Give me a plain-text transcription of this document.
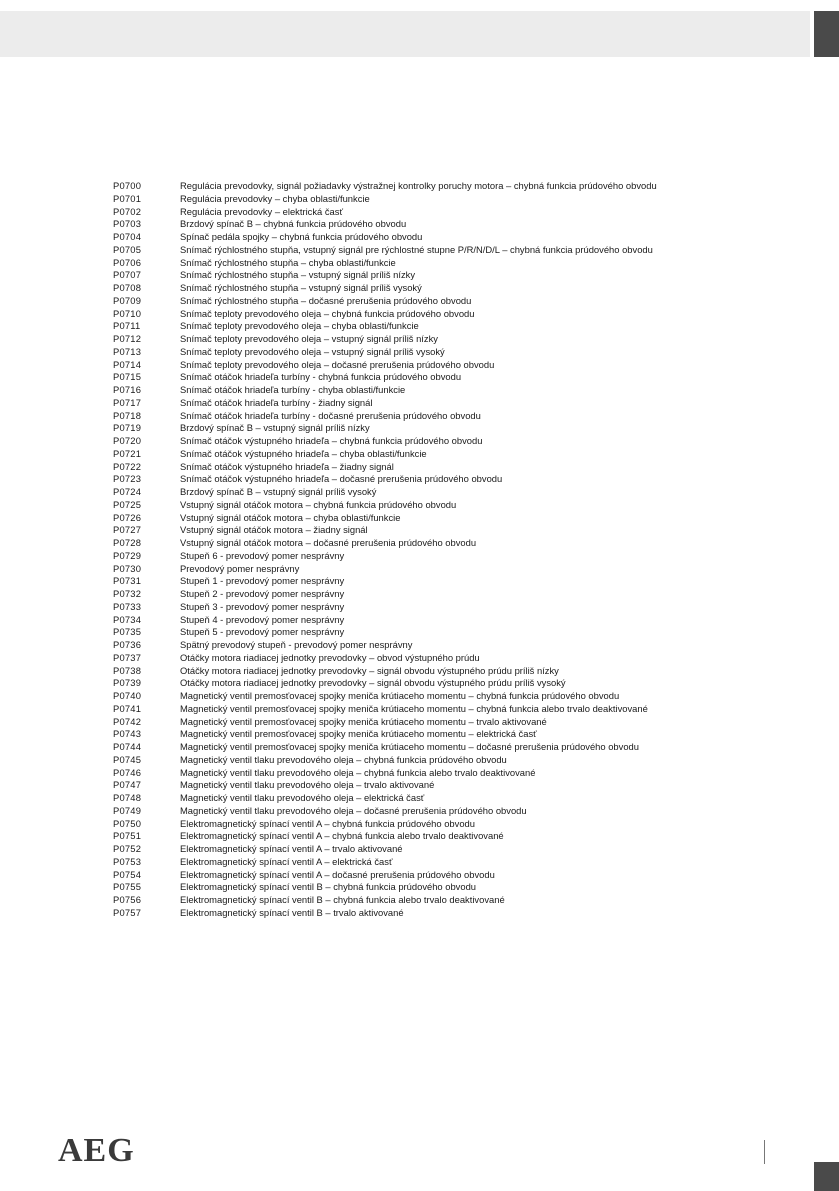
P0700	Regulácia prevodovky, signál požiadavky výstražnej kontrolky poruchy motora – chybná funkcia prúdového obvodu
P0701	Regulácia prevodovky – chyba oblasti/funkcie
P0702	Regulácia prevodovky – elektrická časť
P0703	Brzdový spínač B – chybná funkcia prúdového obvodu
P0704	Spínač pedála spojky – chybná funkcia prúdového obvodu
P0705	Snímač rýchlostného stupňa, vstupný signál pre rýchlostné stupne P/R/N/D/L – chybná funkcia prúdového obvodu
P0706	Snímač rýchlostného stupňa – chyba oblasti/funkcie
P0707	Snímač rýchlostného stupňa – vstupný signál príliš nízky
P0708	Snímač rýchlostného stupňa – vstupný signál príliš vysoký
P0709	Snímač rýchlostného stupňa – dočasné prerušenia prúdového obvodu
P0710	Snímač teploty prevodového oleja – chybná funkcia prúdového obvodu
P0711	Snímač teploty prevodového oleja – chyba oblasti/funkcie
P0712	Snímač teploty prevodového oleja – vstupný signál príliš nízky
P0713	Snímač teploty prevodového oleja – vstupný signál príliš vysoký
P0714	Snímač teploty prevodového oleja – dočasné prerušenia prúdového obvodu
P0715	Snímač otáčok hriadeľa turbíny - chybná funkcia prúdového obvodu
P0716	Snímač otáčok hriadeľa turbíny - chyba oblasti/funkcie
P0717	Snímač otáčok hriadeľa turbíny - žiadny signál
P0718	Snímač otáčok hriadeľa turbíny - dočasné prerušenia prúdového obvodu
P0719	Brzdový spínač B – vstupný signál príliš nízky
P0720	Snímač otáčok výstupného hriadeľa – chybná funkcia prúdového obvodu
P0721	Snímač otáčok výstupného hriadeľa – chyba oblasti/funkcie
P0722	Snímač otáčok výstupného hriadeľa – žiadny signál
P0723	Snímač otáčok výstupného hriadeľa – dočasné prerušenia prúdového obvodu
P0724	Brzdový spínač B – vstupný signál príliš vysoký
P0725	Vstupný signál otáčok motora – chybná funkcia prúdového obvodu
P0726	Vstupný signál otáčok motora – chyba oblasti/funkcie
P0727	Vstupný signál otáčok motora – žiadny signál
P0728	Vstupný signál otáčok motora – dočasné prerušenia prúdového obvodu
P0729	Stupeň 6 - prevodový pomer nesprávny
P0730	Prevodový pomer nesprávny
P0731	Stupeň 1 - prevodový pomer nesprávny
P0732	Stupeň 2 - prevodový pomer nesprávny
P0733	Stupeň 3 - prevodový pomer nesprávny
P0734	Stupeň 4 - prevodový pomer nesprávny
P0735	Stupeň 5 - prevodový pomer nesprávny
P0736	Spätný prevodový stupeň - prevodový pomer nesprávny
P0737	Otáčky motora riadiacej jednotky prevodovky – obvod výstupného prúdu
P0738	Otáčky motora riadiacej jednotky prevodovky – signál obvodu výstupného prúdu príliš nízky
P0739	Otáčky motora riadiacej jednotky prevodovky – signál obvodu výstupného prúdu príliš vysoký
P0740	Magnetický ventil premosťovacej spojky meniča krútiaceho momentu – chybná funkcia prúdového obvodu
P0741	Magnetický ventil premosťovacej spojky meniča krútiaceho momentu – chybná funkcia alebo trvalo deaktivované
P0742	Magnetický ventil premosťovacej spojky meniča krútiaceho momentu – trvalo aktivované
P0743	Magnetický ventil premosťovacej spojky meniča krútiaceho momentu – elektrická časť
P0744	Magnetický ventil premosťovacej spojky meniča krútiaceho momentu – dočasné prerušenia prúdového obvodu
P0745	Magnetický ventil tlaku prevodového oleja – chybná funkcia prúdového obvodu
P0746	Magnetický ventil tlaku prevodového oleja – chybná funkcia alebo trvalo deaktivované
P0747	Magnetický ventil tlaku prevodového oleja – trvalo aktivované
P0748	Magnetický ventil tlaku prevodového oleja – elektrická časť
P0749	Magnetický ventil tlaku prevodového oleja – dočasné prerušenia prúdového obvodu
P0750	Elektromagnetický spínací ventil A – chybná funkcia prúdového obvodu
P0751	Elektromagnetický spínací ventil A – chybná funkcia alebo trvalo deaktivované
P0752	Elektromagnetický spínací ventil A – trvalo aktivované
P0753	Elektromagnetický spínací ventil A – elektrická časť
P0754	Elektromagnetický spínací ventil A – dočasné prerušenia prúdového obvodu
P0755	Elektromagnetický spínací ventil B – chybná funkcia prúdového obvodu
P0756	Elektromagnetický spínací ventil B – chybná funkcia alebo trvalo deaktivované
P0757	Elektromagnetický spínací ventil B – trvalo aktivované
AEG
